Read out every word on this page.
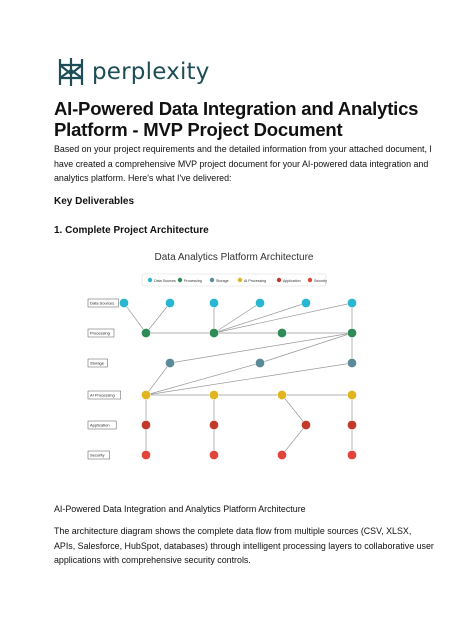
perplexity
AI-Powered Data Integration and Analytics Platform - MVP Project Document

Based on your project requirements and the detailed information from your attached document, I have created a comprehensive MVP project document for your AI-powered data integration and analytics platform. Here's what I've delivered:

Key Deliverables

1. Complete Project Architecture

Data Analytics Platform Architecture
Data Sources Processing	Storage	AI Processing	Application	Security
Data Sources
Processing
Storage
AI Processing
Application
Security

AI-Powered Data Integration and Analytics Platform Architecture

The architecture diagram shows the complete data flow from multiple sources (CSV, XLSX, APIs, Salesforce, HubSpot, databases) through intelligent processing layers to collaborative user applications with comprehensive security controls.
